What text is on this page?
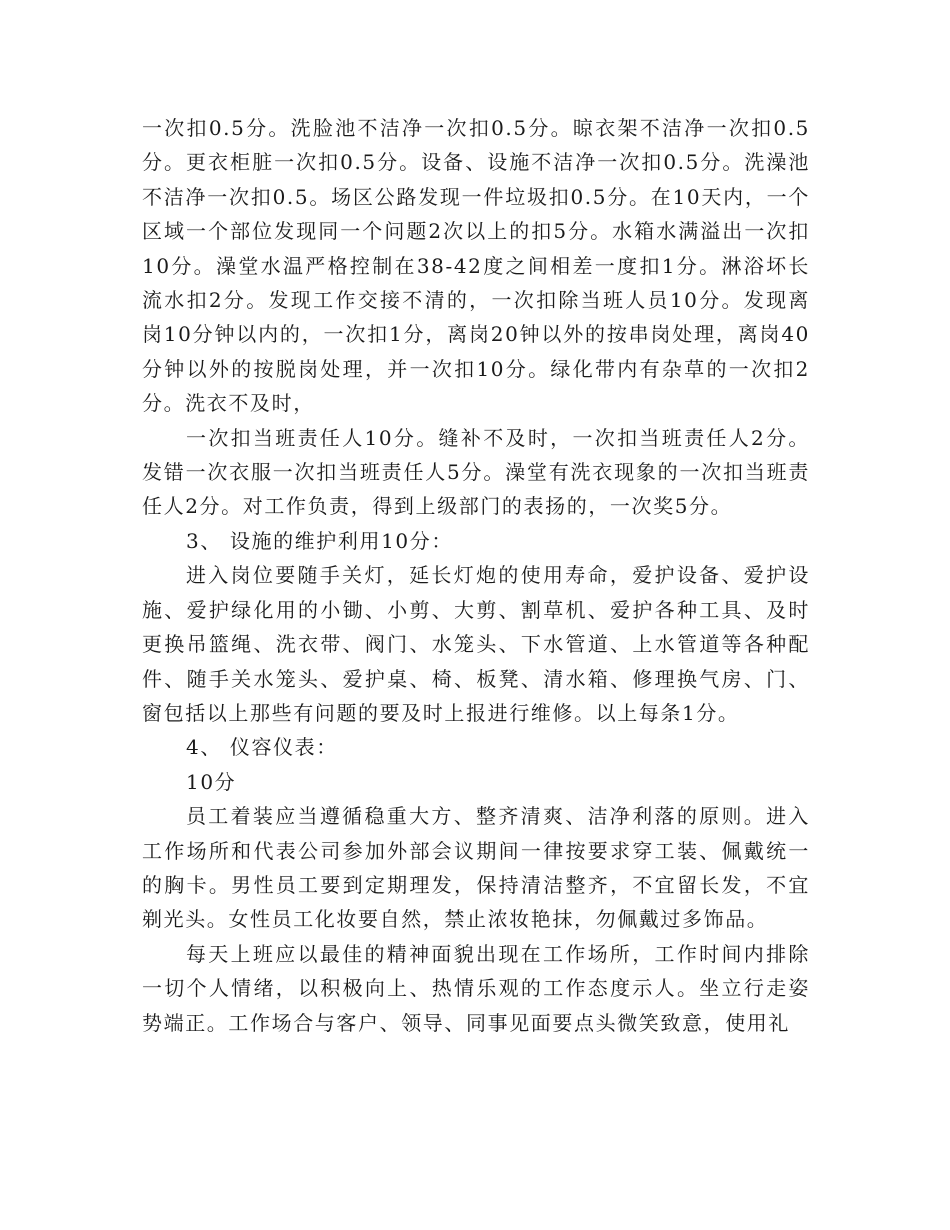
一次扣0.5分。洗脸池不洁净一次扣0.5分。晾衣架不洁净一次扣0.5分。更衣柜脏一次扣0.5分。设备、设施不洁净一次扣0.5分。洗澡池不洁净一次扣0.5。场区公路发现一件垃圾扣0.5分。在10天内，一个区域一个部位发现同一个问题2次以上的扣5分。水箱水满溢出一次扣10分。澡堂水温严格控制在38-42度之间相差一度扣1分。淋浴坏长流水扣2分。发现工作交接不清的，一次扣除当班人员10分。发现离岗10分钟以内的，一次扣1分，离岗20钟以外的按串岗处理，离岗40分钟以外的按脱岗处理，并一次扣10分。绿化带内有杂草的一次扣2分。洗衣不及时，

一次扣当班责任人10分。缝补不及时，一次扣当班责任人2分。发错一次衣服一次扣当班责任人5分。澡堂有洗衣现象的一次扣当班责任人2分。对工作负责，得到上级部门的表扬的，一次奖5分。

3、 设施的维护利用10分：

进入岗位要随手关灯，延长灯炮的使用寿命，爱护设备、爱护设施、爱护绿化用的小锄、小剪、大剪、割草机、爱护各种工具、及时更换吊篮绳、洗衣带、阀门、水笼头、下水管道、上水管道等各种配件、随手关水笼头、爱护桌、椅、板凳、清水箱、修理换气房、门、窗包括以上那些有问题的要及时上报进行维修。以上每条1分。

4、 仪容仪表：

10分

员工着装应当遵循稳重大方、整齐清爽、洁净利落的原则。进入工作场所和代表公司参加外部会议期间一律按要求穿工装、佩戴统一的胸卡。男性员工要到定期理发，保持清洁整齐，不宜留长发，不宜剃光头。女性员工化妆要自然，禁止浓妆艳抹，勿佩戴过多饰品。

每天上班应以最佳的精神面貌出现在工作场所，工作时间内排除一切个人情绪，以积极向上、热情乐观的工作态度示人。坐立行走姿势端正。工作场合与客户、领导、同事见面要点头微笑致意，使用礼
